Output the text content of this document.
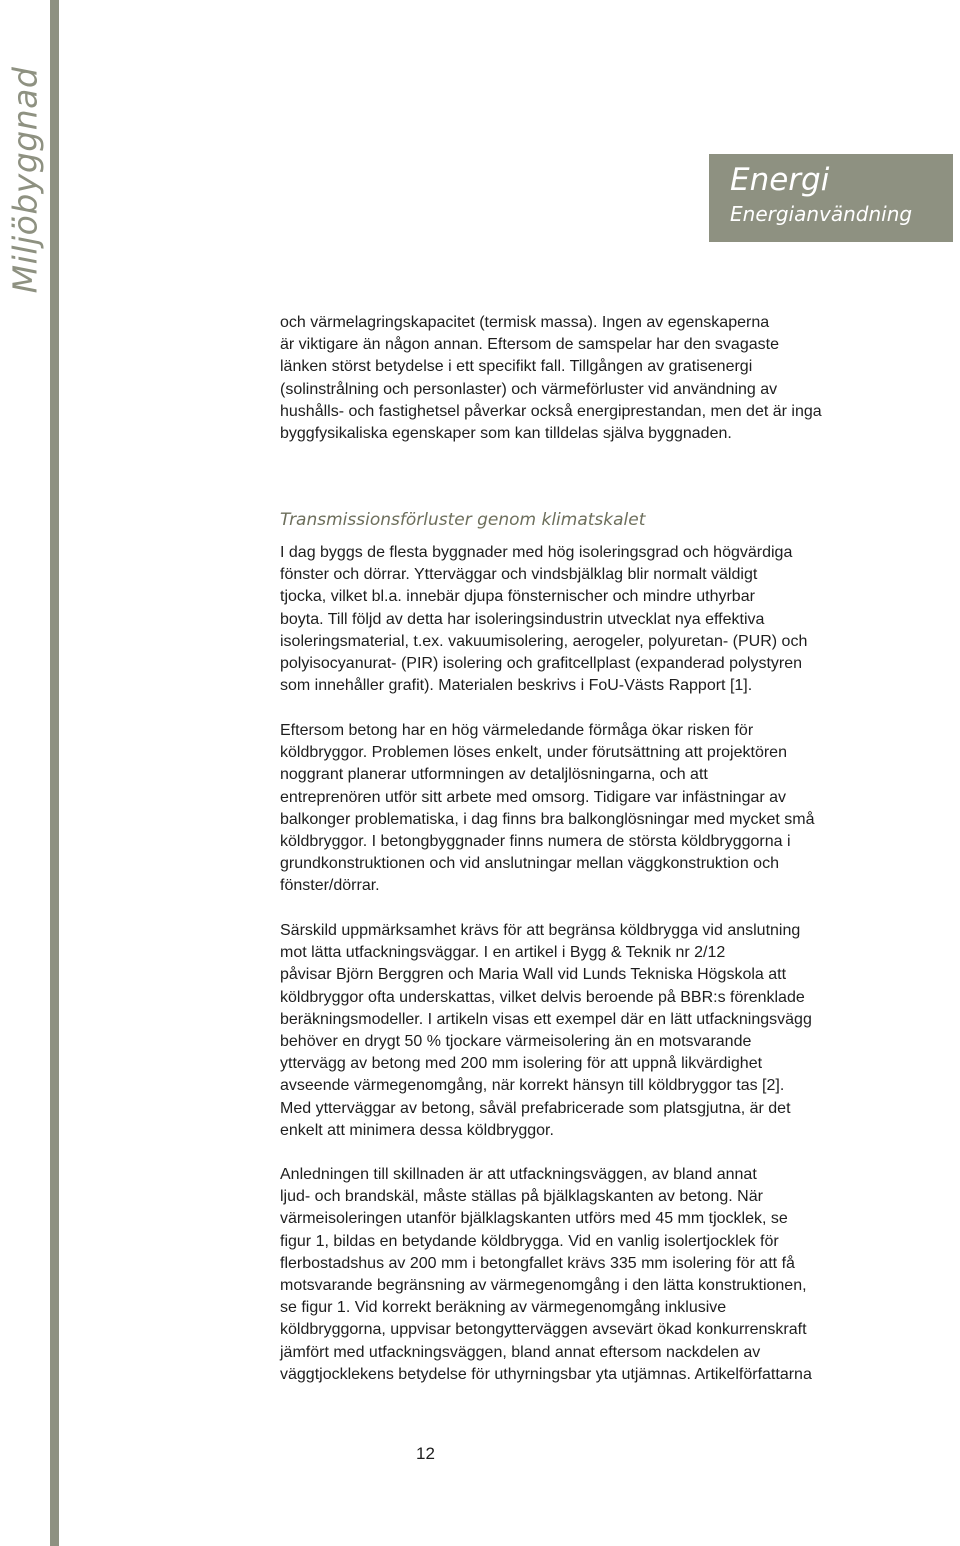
Miljöbyggnad	Energi
Energianvändning

och värmelagringskapacitet (termisk massa). Ingen av egenskaperna
är viktigare än någon annan. Eftersom de samspelar har den svagaste
länken störst betydelse i ett specifikt fall. Tillgången av gratisenergi
(solinstrålning och personlaster) och värmeförluster vid användning av
hushålls- och fastighetsel påverkar också energiprestandan, men det är inga
byggfysikaliska egenskaper som kan tilldelas själva byggnaden.

Transmissionsförluster genom klimatskalet

I dag byggs de flesta byggnader med hög isoleringsgrad och högvärdiga
fönster och dörrar. Ytterväggar och vindsbjälklag blir normalt väldigt
tjocka, vilket bl.a. innebär djupa fönsternischer och mindre uthyrbar
boyta. Till följd av detta har isoleringsindustrin utvecklat nya effektiva
isoleringsmaterial, t.ex. vakuumisolering, aerogeler, polyuretan- (PUR) och
polyisocyanurat- (PIR) isolering och grafitcellplast (expanderad polystyren
som innehåller grafit). Materialen beskrivs i FoU-Västs Rapport [1].

Eftersom betong har en hög värmeledande förmåga ökar risken för
köldbryggor. Problemen löses enkelt, under förutsättning att projektören
noggrant planerar utformningen av detaljlösningarna, och att
entreprenören utför sitt arbete med omsorg. Tidigare var infästningar av
balkonger problematiska, i dag finns bra balkonglösningar med mycket små
köldbryggor. I betongbyggnader finns numera de största köldbryggorna i
grundkonstruktionen och vid anslutningar mellan väggkonstruktion och
fönster/dörrar.

Särskild uppmärksamhet krävs för att begränsa köldbrygga vid anslutning
mot lätta utfackningsväggar. I en artikel i Bygg & Teknik nr 2/12
påvisar Björn Berggren och Maria Wall vid Lunds Tekniska Högskola att
köldbryggor ofta underskattas, vilket delvis beroende på BBR:s förenklade
beräkningsmodeller. I artikeln visas ett exempel där en lätt utfackningsvägg
behöver en drygt 50 % tjockare värmeisolering än en motsvarande
yttervägg av betong med 200 mm isolering för att uppnå likvärdighet
avseende värmegenomgång, när korrekt hänsyn till köldbryggor tas [2].
Med ytterväggar av betong, såväl prefabricerade som platsgjutna, är det
enkelt att minimera dessa köldbryggor.

Anledningen till skillnaden är att utfackningsväggen, av bland annat
ljud- och brandskäl, måste ställas på bjälklagskanten av betong. När
värmeisoleringen utanför bjälklagskanten utförs med 45 mm tjocklek, se
figur 1, bildas en betydande köldbrygga. Vid en vanlig isolertjocklek för
flerbostadshus av 200 mm i betongfallet krävs 335 mm isolering för att få
motsvarande begränsning av värmegenomgång i den lätta konstruktionen,
se figur 1. Vid korrekt beräkning av värmegenomgång inklusive
köldbryggorna, uppvisar betongytterväggen avsevärt ökad konkurrenskraft
jämfört med utfackningsväggen, bland annat eftersom nackdelen av
väggtjocklekens betydelse för uthyrningsbar yta utjämnas. Artikelförfattarna

12
